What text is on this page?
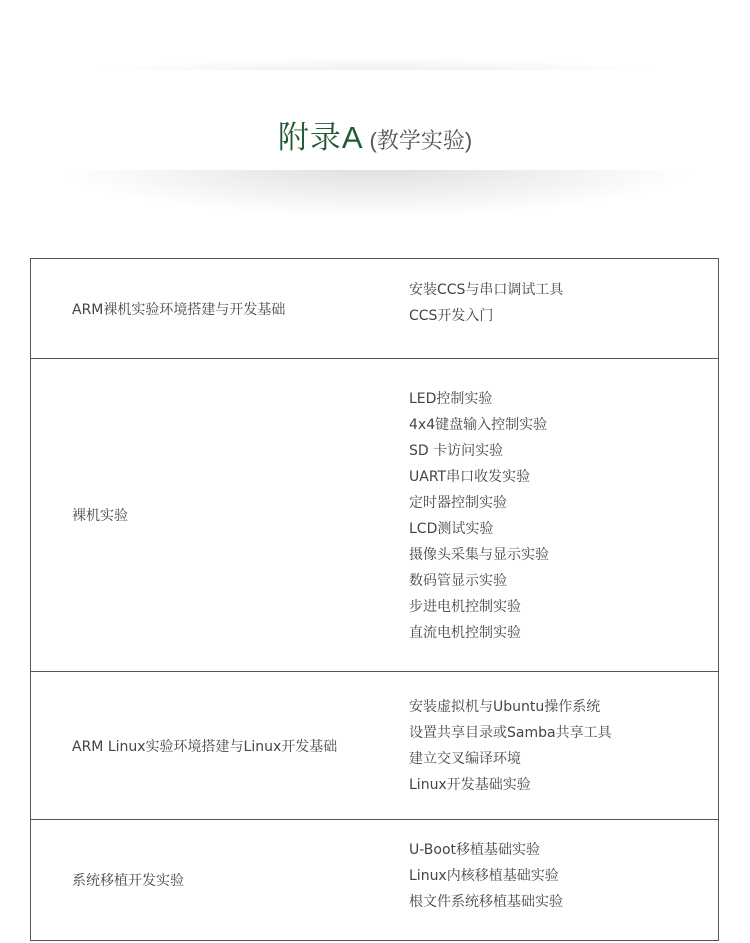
附录A (教学实验)
ARM裸机实验环境搭建与开发基础
安装CCS与串口调试工具
CCS开发入门
裸机实验
LED控制实验
4x4键盘输入控制实验
SD 卡访问实验
UART串口收发实验
定时器控制实验
LCD测试实验
摄像头采集与显示实验
数码管显示实验
步进电机控制实验
直流电机控制实验
ARM Linux实验环境搭建与Linux开发基础
安装虚拟机与Ubuntu操作系统
设置共享目录或Samba共享工具
建立交叉编译环境
Linux开发基础实验
系统移植开发实验
U-Boot移植基础实验
Linux内核移植基础实验
根文件系统移植基础实验
